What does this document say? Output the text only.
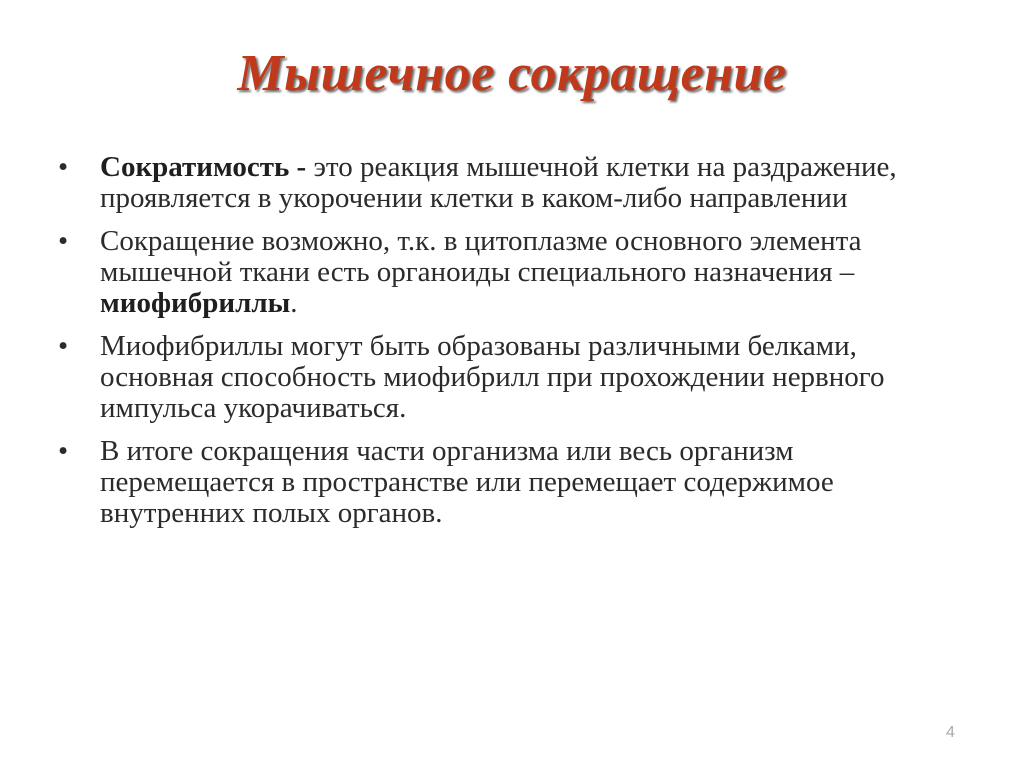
Мышечное сокращение
• Сократимость - это реакция мышечной клетки на раздражение, проявляется в укорочении клетки в каком-либо направлении
• Сокращение возможно, т.к. в цитоплазме основного элемента мышечной ткани есть органоиды специального назначения – миофибриллы.
• Миофибриллы могут быть образованы различными белками, основная способность миофибрилл при прохождении нервного импульса укорачиваться.
• В итоге сокращения части организма или весь организм перемещается в пространстве или перемещает содержимое внутренних полых органов.
4
